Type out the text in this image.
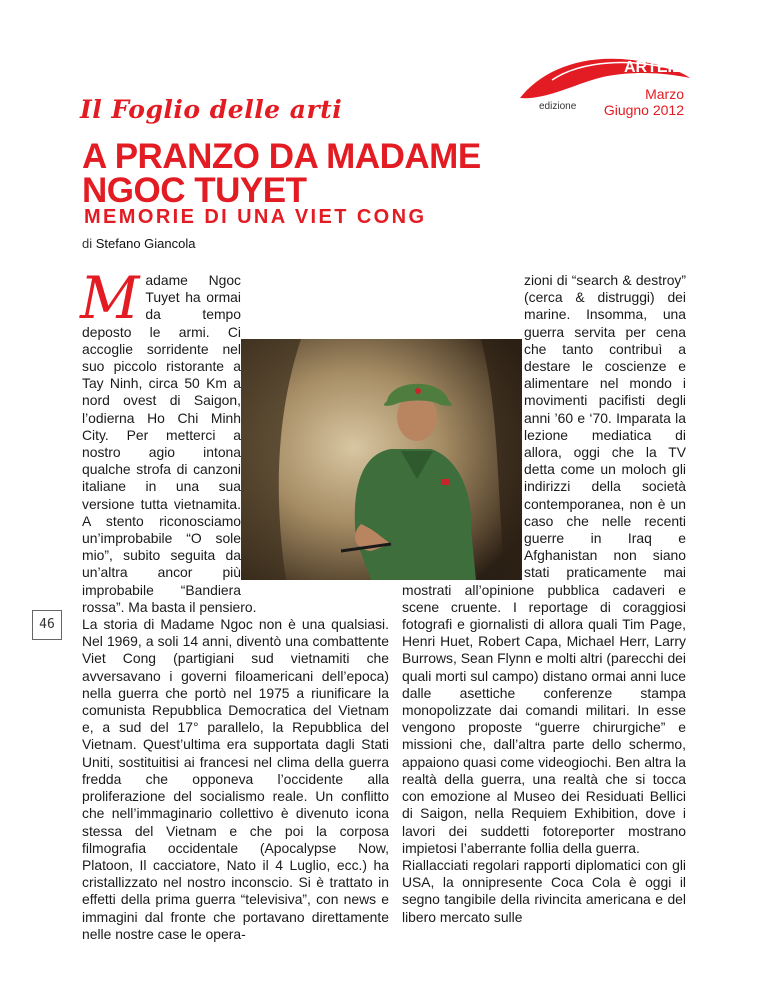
Il Foglio delle arti
ARTEIL
edizione
Marzo
Giugno 2012
A PRANZO DA MADAME
NGOC TUYET
MEMORIE DI UNA VIET CONG
di Stefano Giancola
46

Madame Ngoc Tuyet ha ormai da tempo deposto le armi. Ci accoglie sorridente nel suo piccolo ristorante a Tay Ninh, circa 50 Km a nord ovest di Saigon, l’odierna Ho Chi Minh City. Per metterci a nostro agio intona qualche strofa di canzoni italiane in una sua versione tutta vietnamita. A stento riconosciamo un’improbabile “O sole mio”, subito seguita da un’altra ancor più improbabile “Bandiera rossa”. Ma basta il pensiero.

La storia di Madame Ngoc non è una qualsiasi. Nel 1969, a soli 14 anni, diventò una combattente Viet Cong (partigiani sud vietnamiti che avversavano i governi filoamericani dell’epoca) nella guerra che portò nel 1975 a riunificare la comunista Repubblica Democratica del Vietnam e, a sud del 17° parallelo, la Repubblica del Vietnam. Quest’ultima era supportata dagli Stati Uniti, sostituitisi ai francesi nel clima della guerra fredda che opponeva l’occidente alla proliferazione del socialismo reale. Un conflitto che nell’immaginario collettivo è divenuto icona stessa del Vietnam e che poi la corposa filmografia occidentale (Apocalypse Now, Platoon, Il cacciatore, Nato il 4 Luglio, ecc.) ha cristallizzato nel nostro inconscio. Si è trattato in effetti della prima guerra “televisiva”, con news e immagini dal fronte che portavano direttamente nelle nostre case le opera-

zioni di “search & destroy” (cerca & distruggi) dei marine. Insomma, una guerra servita per cena che tanto contribuì a destare le coscienze e alimentare nel mondo i movimenti pacifisti degli anni ’60 e ‘70. Imparata la lezione mediatica di allora, oggi che la TV detta come un moloch gli indirizzi della società contemporanea, non è un caso che nelle recenti guerre in Iraq e Afghanistan non siano stati praticamente mai mostrati all’opinione pubblica cadaveri e scene cruente. I reportage di coraggiosi fotografi e giornalisti di allora quali Tim Page, Henri Huet, Robert Capa, Michael Herr, Larry Burrows, Sean Flynn e molti altri (parecchi dei quali morti sul campo) distano ormai anni luce dalle asettiche conferenze stampa monopolizzate dai comandi militari. In esse vengono proposte “guerre chirurgiche” e missioni che, dall’altra parte dello schermo, appaiono quasi come videogiochi. Ben altra la realtà della guerra, una realtà che si tocca con emozione al Museo dei Residuati Bellici di Saigon, nella Requiem Exhibition, dove i lavori dei suddetti fotoreporter mostrano impietosi l’aberrante follia della guerra.

Riallacciati regolari rapporti diplomatici con gli USA, la onnipresente Coca Cola è oggi il segno tangibile della rivincita americana e del libero mercato sulle
